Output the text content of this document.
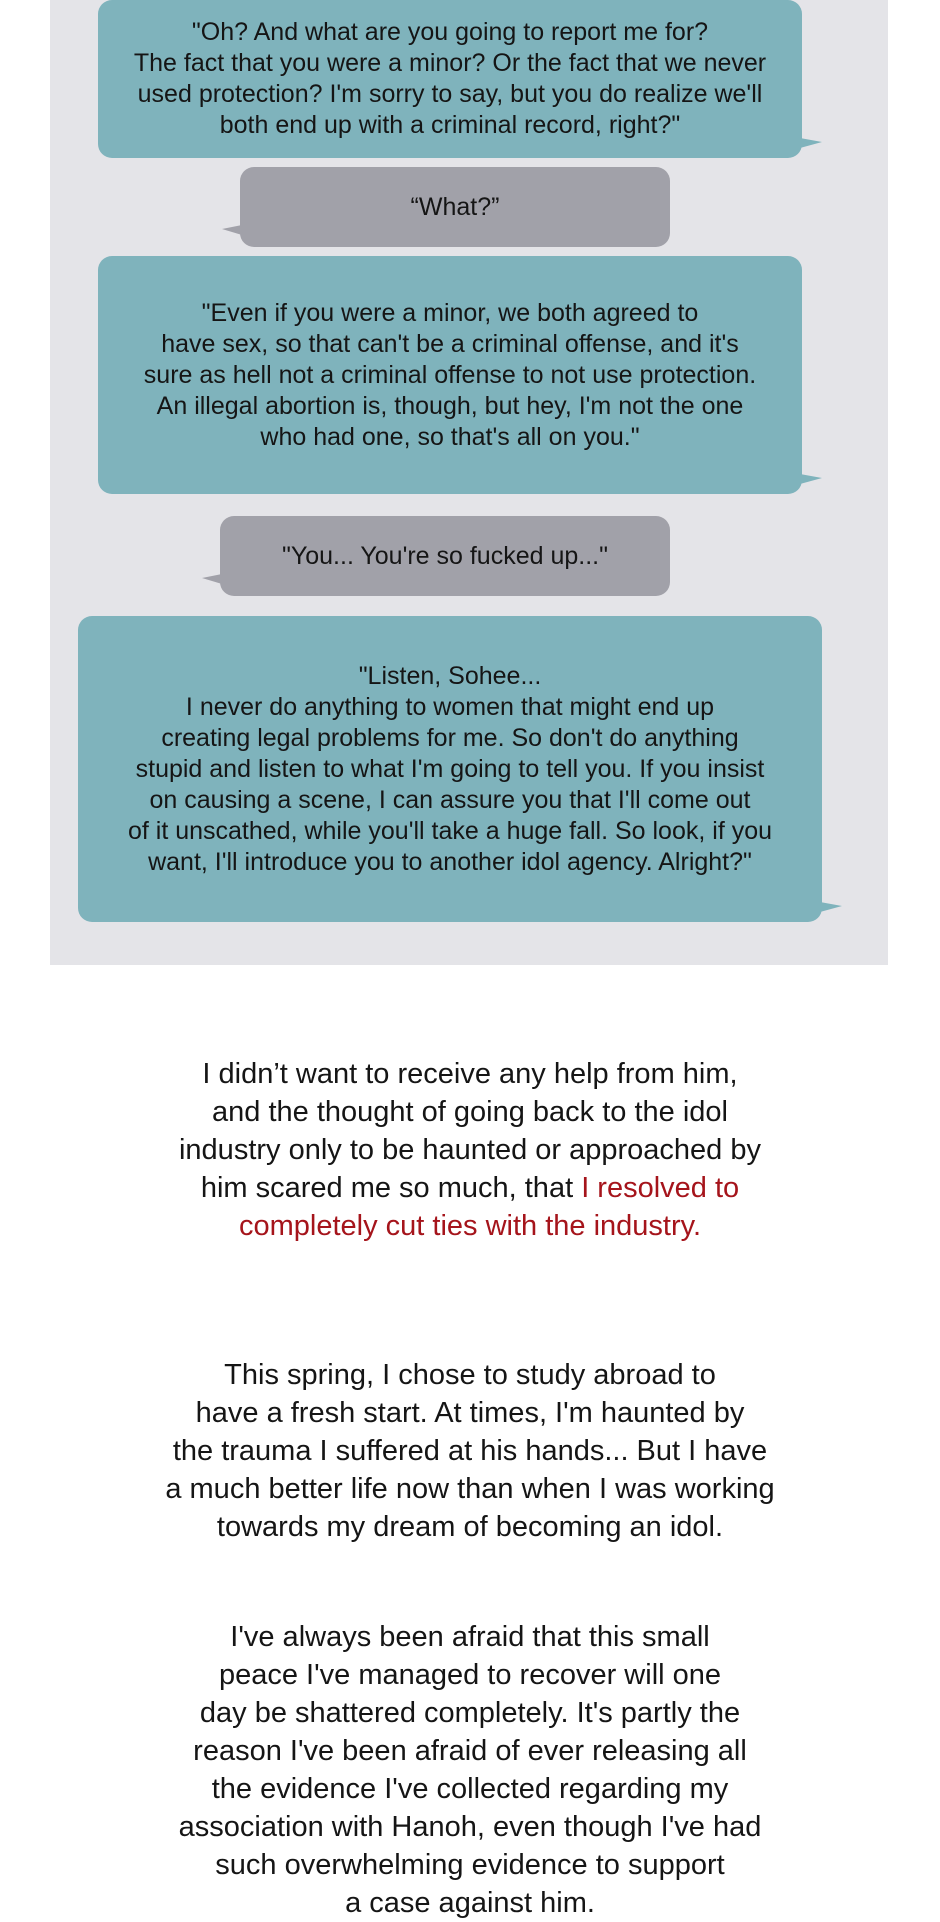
"Oh? And what are you going to report me for?
The fact that you were a minor? Or the fact that we never
used protection? I'm sorry to say, but you do realize we'll
both end up with a criminal record, right?"
“What?”
"Even if you were a minor, we both agreed to
have sex, so that can't be a criminal offense, and it's
sure as hell not a criminal offense to not use protection.
An illegal abortion is, though, but hey, I'm not the one
who had one, so that's all on you."
"You... You're so fucked up..."
"Listen, Sohee...
I never do anything to women that might end up
creating legal problems for me. So don't do anything
stupid and listen to what I'm going to tell you. If you insist
on causing a scene, I can assure you that I'll come out
of it unscathed, while you'll take a huge fall. So look, if you
want, I'll introduce you to another idol agency. Alright?"
I didn’t want to receive any help from him,
and the thought of going back to the idol
industry only to be haunted or approached by
him scared me so much, that I resolved to
completely cut ties with the industry.

This spring, I chose to study abroad to
have a fresh start. At times, I'm haunted by
the trauma I suffered at his hands... But I have
a much better life now than when I was working
towards my dream of becoming an idol.

I've always been afraid that this small
peace I've managed to recover will one
day be shattered completely. It's partly the
reason I've been afraid of ever releasing all
the evidence I've collected regarding my
association with Hanoh, even though I've had
such overwhelming evidence to support
a case against him.
